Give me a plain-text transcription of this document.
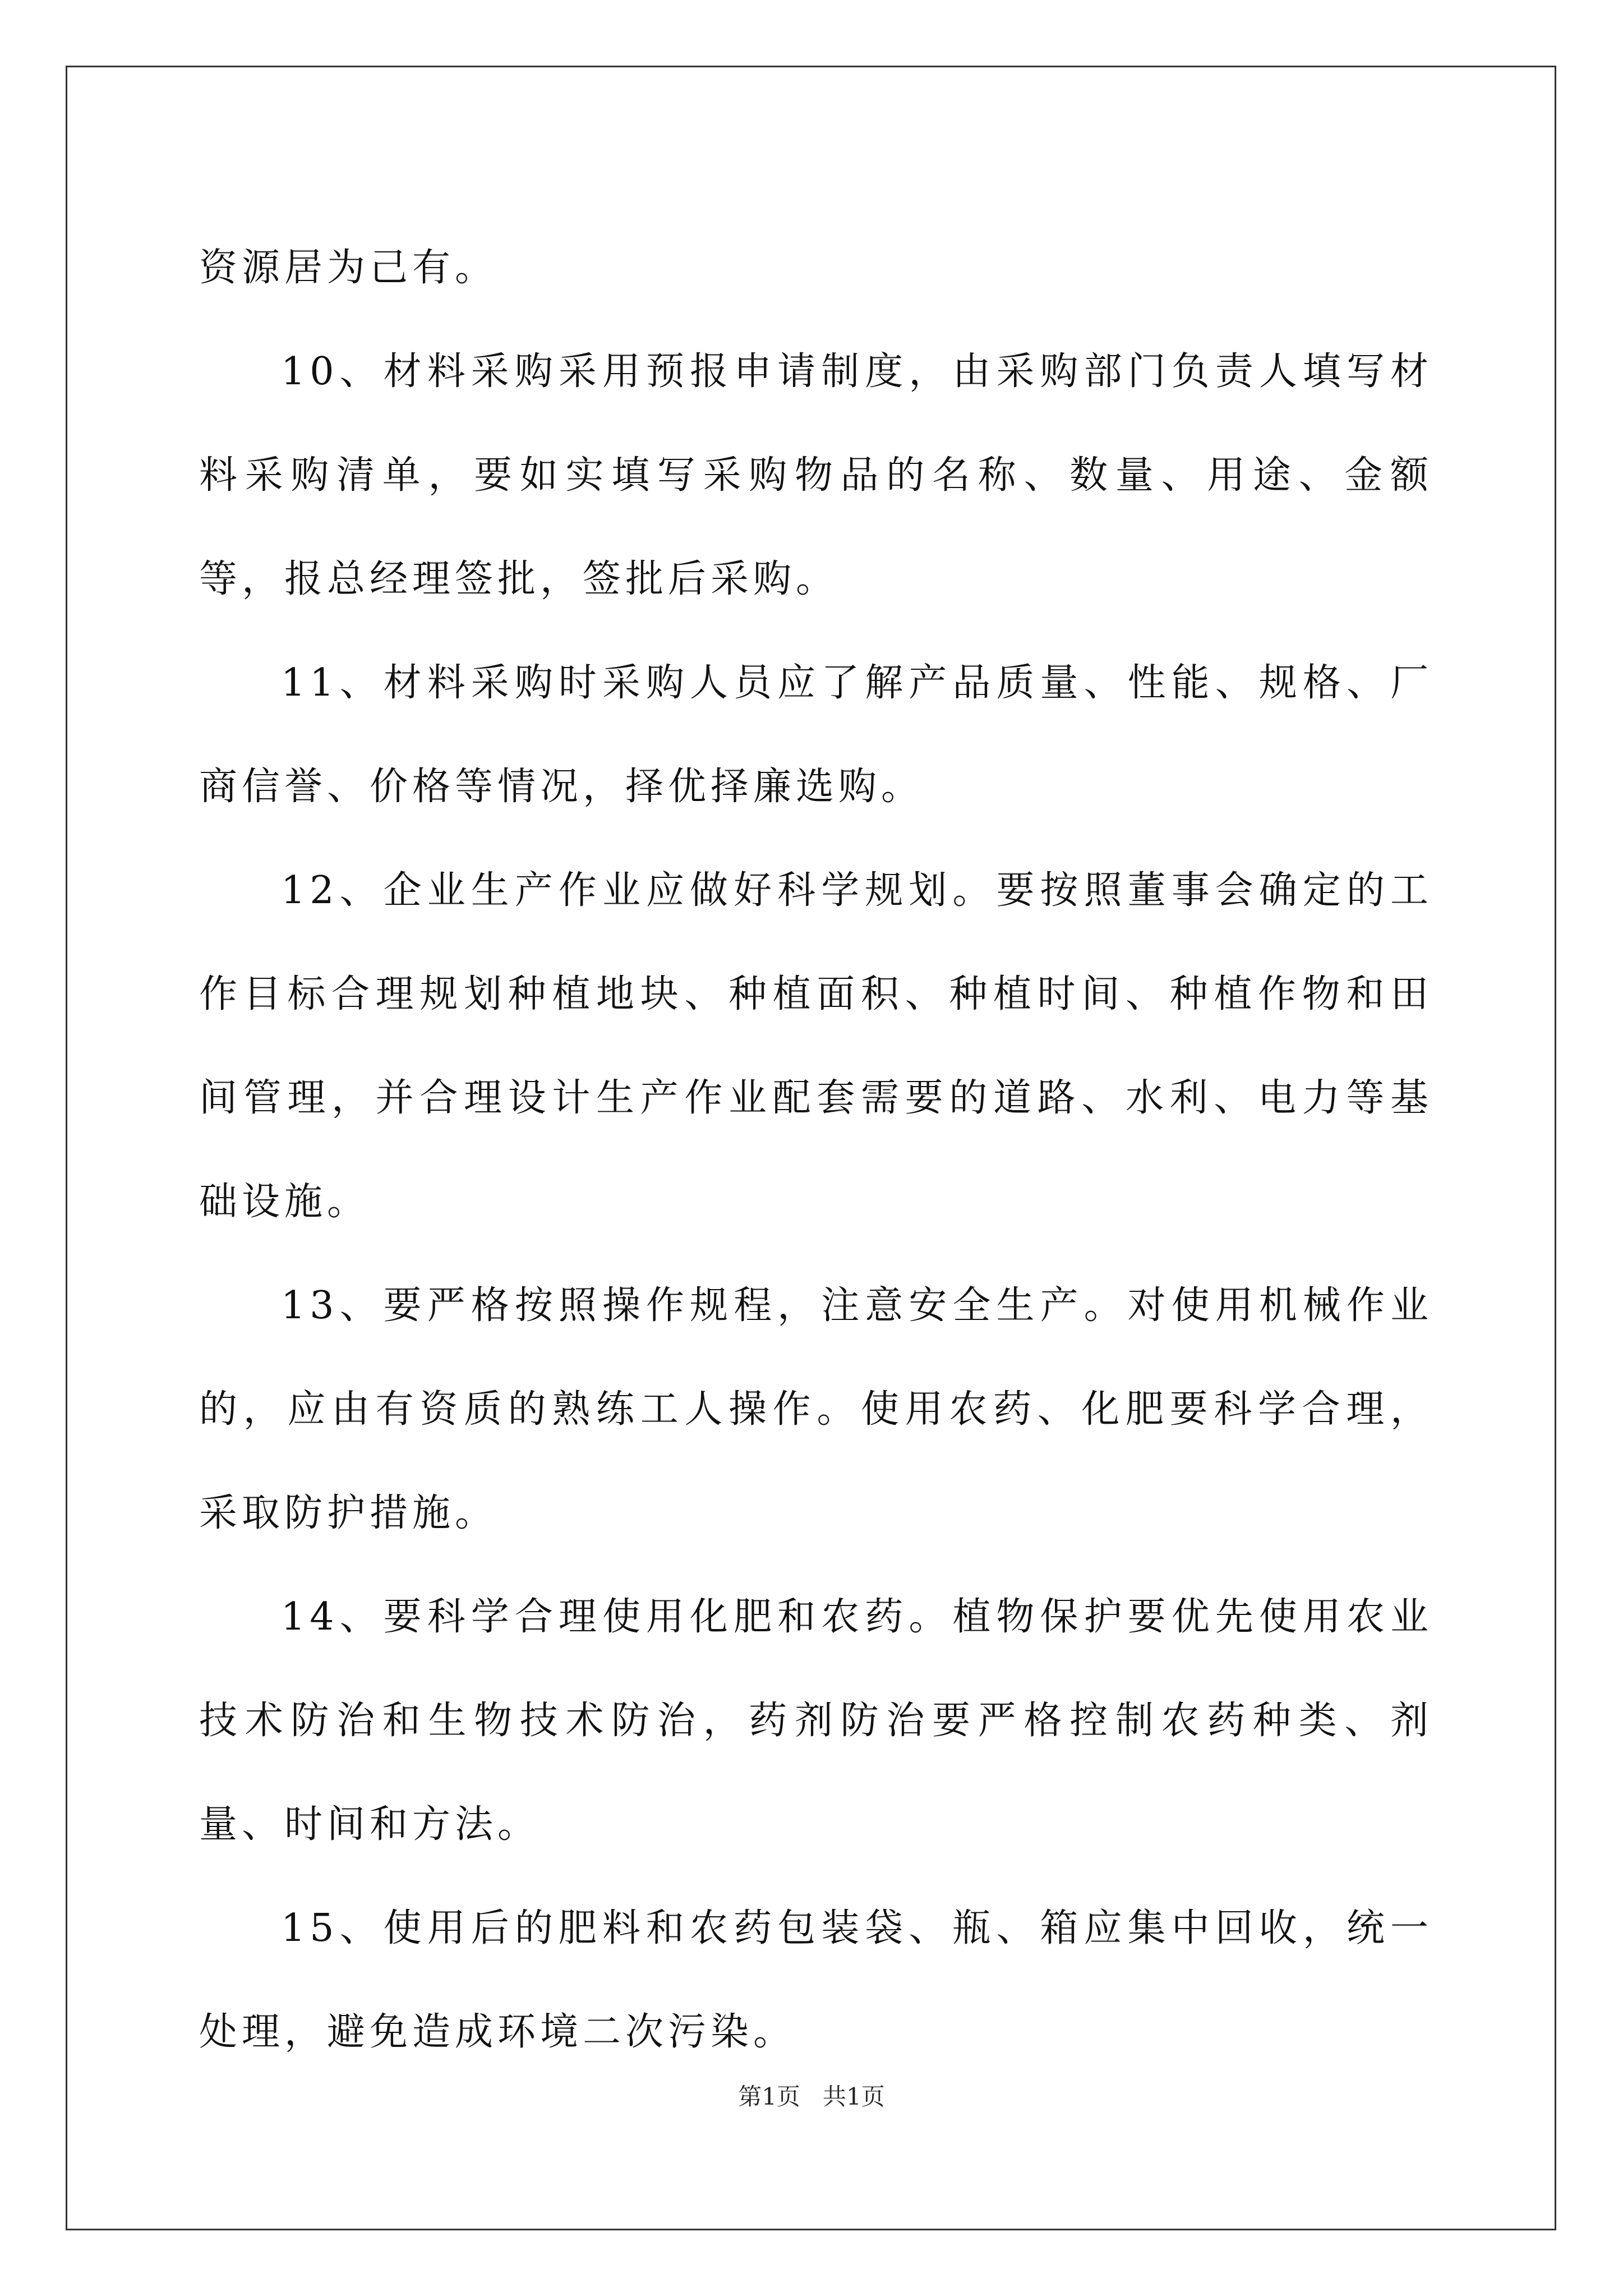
资源居为己有。

10、材料采购采用预报申请制度，由采购部门负责人填写材料采购清单，要如实填写采购物品的名称、数量、用途、金额等，报总经理签批，签批后采购。

11、材料采购时采购人员应了解产品质量、性能、规格、厂商信誉、价格等情况，择优择廉选购。

12、企业生产作业应做好科学规划。要按照董事会确定的工作目标合理规划种植地块、种植面积、种植时间、种植作物和田间管理，并合理设计生产作业配套需要的道路、水利、电力等基础设施。

13、要严格按照操作规程，注意安全生产。对使用机械作业的，应由有资质的熟练工人操作。使用农药、化肥要科学合理，采取防护措施。

14、要科学合理使用化肥和农药。植物保护要优先使用农业技术防治和生物技术防治，药剂防治要严格控制农药种类、剂量、时间和方法。

15、使用后的肥料和农药包装袋、瓶、箱应集中回收，统一处理，避免造成环境二次污染。

第1页 共1页
